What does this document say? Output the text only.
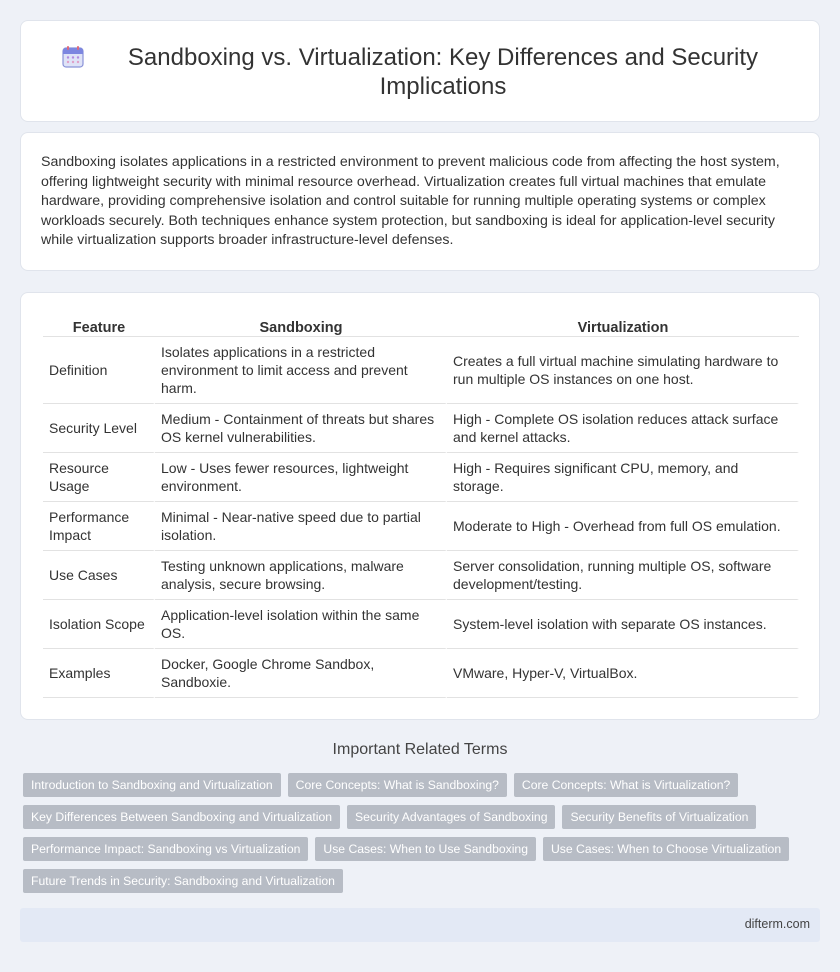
Sandboxing vs. Virtualization: Key Differences and Security Implications

Sandboxing isolates applications in a restricted environment to prevent malicious code from affecting the host system, offering lightweight security with minimal resource overhead. Virtualization creates full virtual machines that emulate hardware, providing comprehensive isolation and control suitable for running multiple operating systems or complex workloads securely. Both techniques enhance system protection, but sandboxing is ideal for application-level security while virtualization supports broader infrastructure-level defenses.

Feature	Sandboxing	Virtualization
Definition	Isolates applications in a restricted environment to limit access and prevent harm.	Creates a full virtual machine simulating hardware to run multiple OS instances on one host.
Security Level	Medium - Containment of threats but shares OS kernel vulnerabilities.	High - Complete OS isolation reduces attack surface and kernel attacks.
Resource Usage	Low - Uses fewer resources, lightweight environment.	High - Requires significant CPU, memory, and storage.
Performance Impact	Minimal - Near-native speed due to partial isolation.	Moderate to High - Overhead from full OS emulation.
Use Cases	Testing unknown applications, malware analysis, secure browsing.	Server consolidation, running multiple OS, software development/testing.
Isolation Scope	Application-level isolation within the same OS.	System-level isolation with separate OS instances.
Examples	Docker, Google Chrome Sandbox, Sandboxie.	VMware, Hyper-V, VirtualBox.
Important Related Terms
Introduction to Sandboxing and Virtualization	Core Concepts: What is Sandboxing?	Core Concepts: What is Virtualization?
Key Differences Between Sandboxing and Virtualization	Security Advantages of Sandboxing	Security Benefits of Virtualization
Performance Impact: Sandboxing vs Virtualization	Use Cases: When to Use Sandboxing	Use Cases: When to Choose Virtualization
Future Trends in Security: Sandboxing and Virtualization
difterm.com
